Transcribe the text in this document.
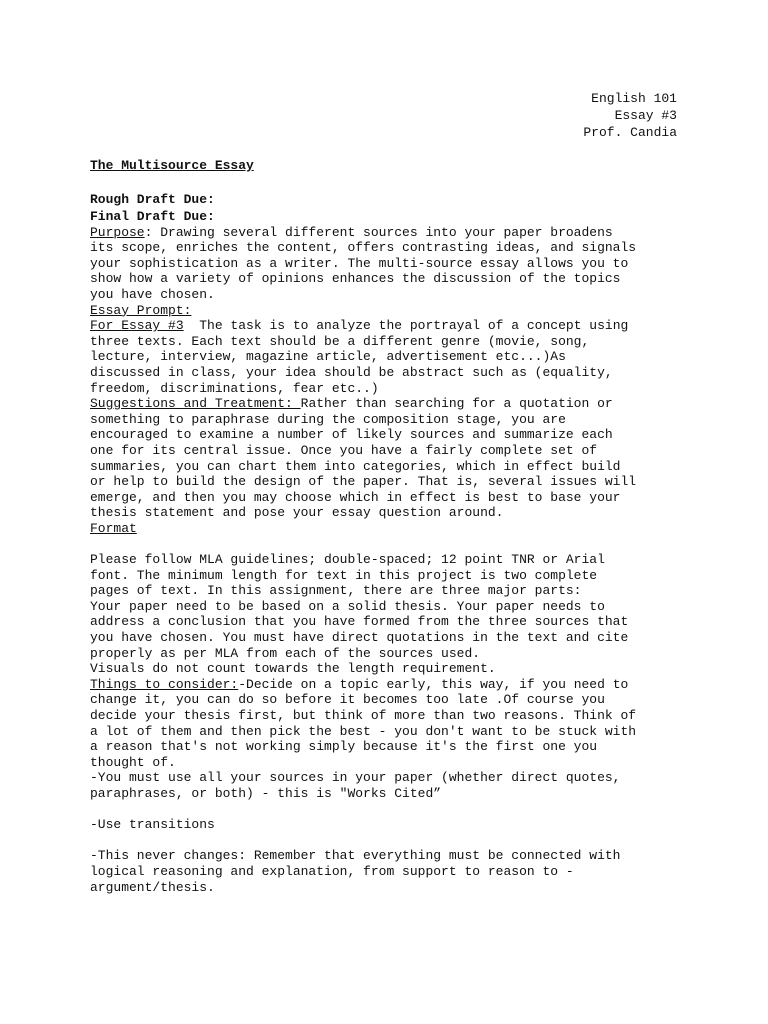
English 101
Essay #3
Prof. Candia
The Multisource Essay
Rough Draft Due:
Final Draft Due:
Purpose: Drawing several different sources into your paper broadens
its scope, enriches the content, offers contrasting ideas, and signals
your sophistication as a writer. The multi-source essay allows you to
show how a variety of opinions enhances the discussion of the topics
you have chosen.
Essay Prompt:
For Essay #3  The task is to analyze the portrayal of a concept using
three texts. Each text should be a different genre (movie, song,
lecture, interview, magazine article, advertisement etc...)As
discussed in class, your idea should be abstract such as (equality,
freedom, discriminations, fear etc..)
Suggestions and Treatment: Rather than searching for a quotation or
something to paraphrase during the composition stage, you are
encouraged to examine a number of likely sources and summarize each
one for its central issue. Once you have a fairly complete set of
summaries, you can chart them into categories, which in effect build
or help to build the design of the paper. That is, several issues will
emerge, and then you may choose which in effect is best to base your
thesis statement and pose your essay question around.
Format
Please follow MLA guidelines; double-spaced; 12 point TNR or Arial
font. The minimum length for text in this project is two complete
pages of text. In this assignment, there are three major parts:
Your paper need to be based on a solid thesis. Your paper needs to
address a conclusion that you have formed from the three sources that
you have chosen. You must have direct quotations in the text and cite
properly as per MLA from each of the sources used.
Visuals do not count towards the length requirement.
Things to consider:-Decide on a topic early, this way, if you need to
change it, you can do so before it becomes too late .Of course you
decide your thesis first, but think of more than two reasons. Think of
a lot of them and then pick the best - you don't want to be stuck with
a reason that's not working simply because it's the first one you
thought of.
-You must use all your sources in your paper (whether direct quotes,
paraphrases, or both) - this is "Works Cited”
-Use transitions
-This never changes: Remember that everything must be connected with
logical reasoning and explanation, from support to reason to -
argument/thesis.
